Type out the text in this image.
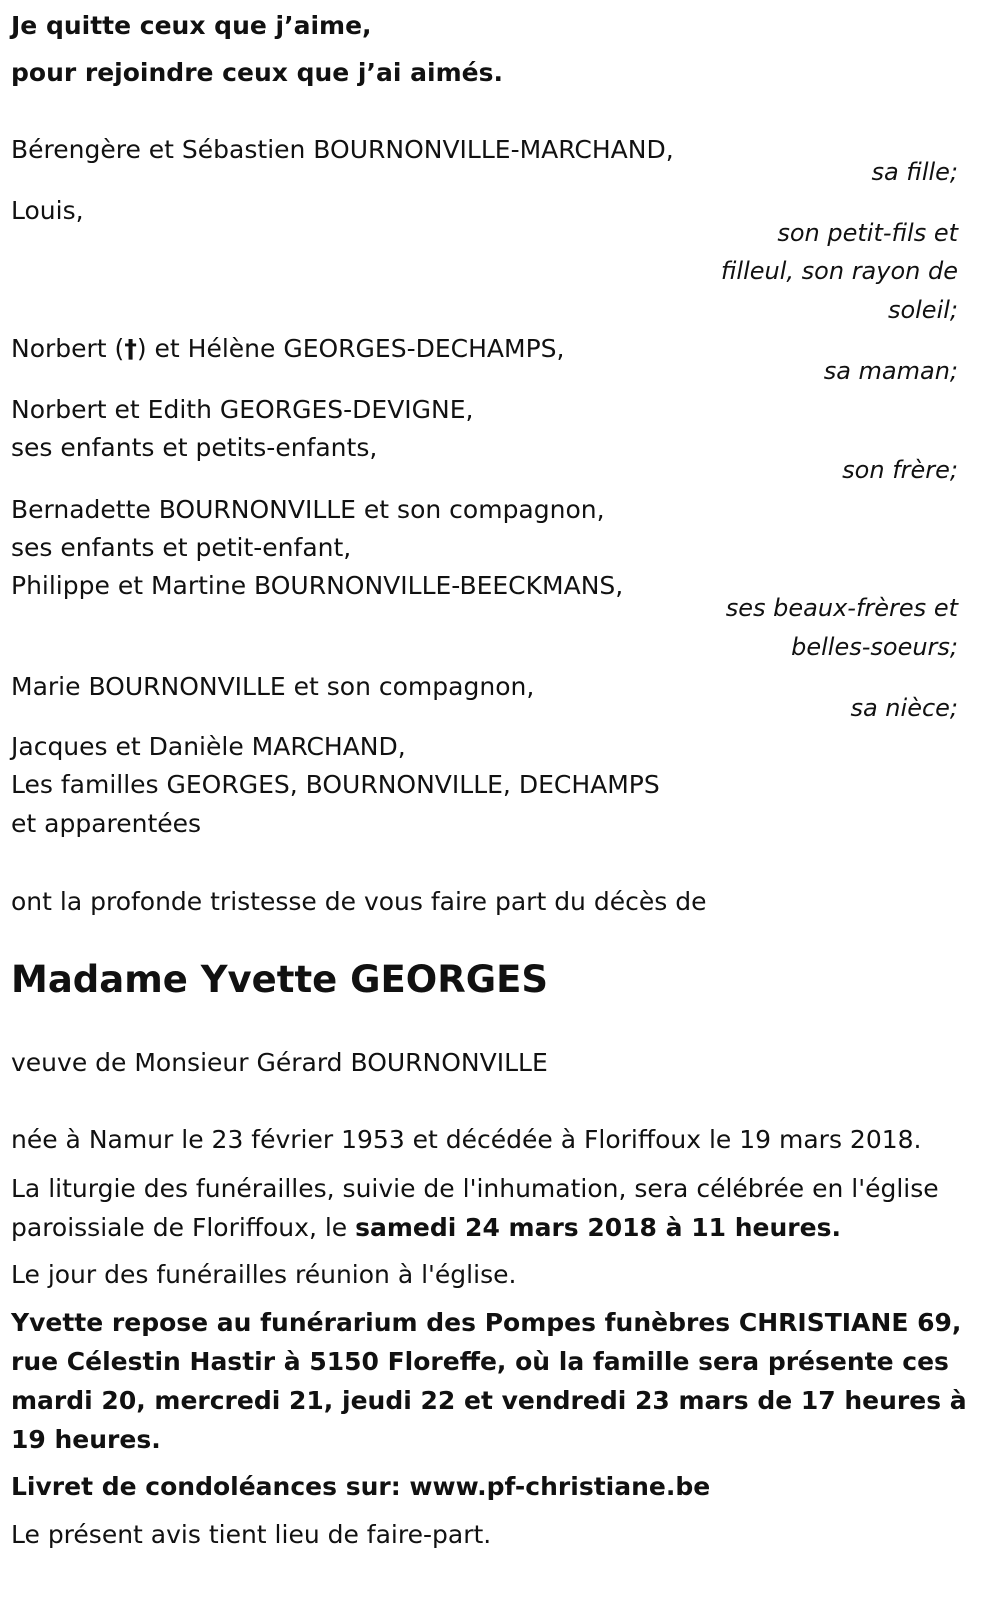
Je quitte ceux que j’aime,
pour rejoindre ceux que j’ai aimés.
Bérengère et Sébastien BOURNONVILLE-MARCHAND,
Louis,
Norbert (†) et Hélène GEORGES-DECHAMPS,
Norbert et Edith GEORGES-DEVIGNE,
ses enfants et petits-enfants,
Bernadette BOURNONVILLE et son compagnon,
ses enfants et petit-enfant,
Philippe et Martine BOURNONVILLE-BEECKMANS,
Marie BOURNONVILLE et son compagnon,
Jacques et Danièle MARCHAND,
Les familles GEORGES, BOURNONVILLE, DECHAMPS
et apparentées
sa fille;
son petit-fils et
filleul, son rayon de
soleil;
sa maman;
son frère;
ses beaux-frères et
belles-soeurs;
sa nièce;
ont la profonde tristesse de vous faire part du décès de
Madame Yvette GEORGES
veuve de Monsieur Gérard BOURNONVILLE
née à Namur le 23 février 1953 et décédée à Floriffoux le 19 mars 2018.
La liturgie des funérailles, suivie de l'inhumation, sera célébrée en l'église paroissiale de Floriffoux, le samedi 24 mars 2018 à 11 heures.
Le jour des funérailles réunion à l'église.
Yvette repose au funérarium des Pompes funèbres CHRISTIANE 69, rue Célestin Hastir à 5150 Floreffe, où la famille sera présente ces mardi 20, mercredi 21, jeudi 22 et vendredi 23 mars de 17 heures à 19 heures.
Livret de condoléances sur: www.pf-christiane.be
Le présent avis tient lieu de faire-part.
